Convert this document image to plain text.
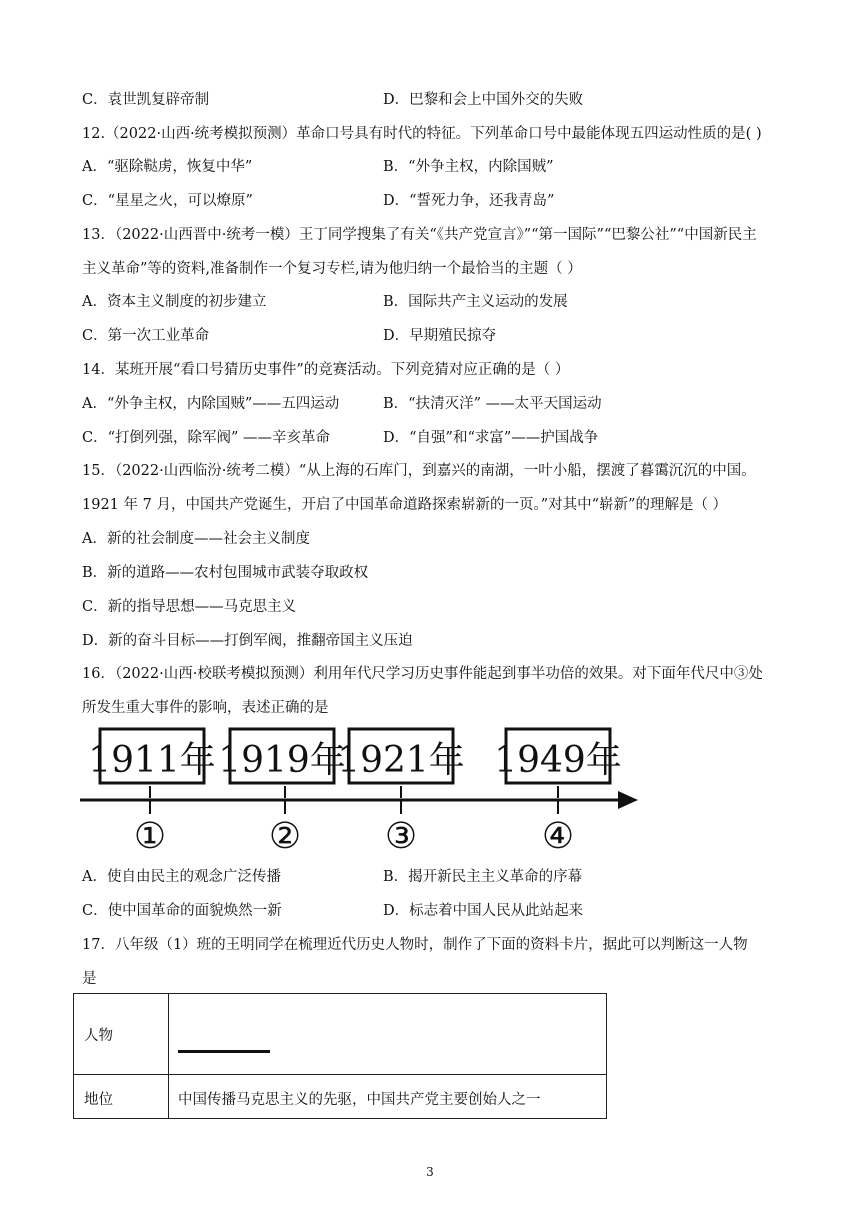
C．袁世凯复辟帝制	D．巴黎和会上中国外交的失败
12.（2022·山西·统考模拟预测）革命口号具有时代的特征。下列革命口号中最能体现五四运动性质的是( )
A．“驱除鞑虏，恢复中华”	B．“外争主权，内除国贼”
C．“星星之火，可以燎原”	D．“誓死力争，还我青岛”
13．（2022·山西晋中·统考一模）王丁同学搜集了有关“《共产党宣言》”“第一国际”“巴黎公社”“中国新民主
主义革命”等的资料,准备制作一个复习专栏,请为他归纳一个最恰当的主题（ ）
A．资本主义制度的初步建立	B．国际共产主义运动的发展
C．第一次工业革命	D．早期殖民掠夺
14．某班开展“看口号猜历史事件”的竞赛活动。下列竞猜对应正确的是（ ）
A．“外争主权，内除国贼”——五四运动	B．“扶清灭洋” ——太平天国运动
C．“打倒列强，除军阀” ——辛亥革命	D．“自强”和“求富”——护国战争
15．（2022·山西临汾·统考二模）“从上海的石库门，到嘉兴的南湖，一叶小船，摆渡了暮霭沉沉的中国。
1921 年 7 月，中国共产党诞生，开启了中国革命道路探索崭新的一页。”对其中“崭新”的理解是（ ）
A．新的社会制度——社会主义制度
B．新的道路——农村包围城市武装夺取政权
C．新的指导思想——马克思主义
D．新的奋斗目标——打倒军阀，推翻帝国主义压迫
16．（2022·山西·校联考模拟预测）利用年代尺学习历史事件能起到事半功倍的效果。对下面年代尺中③处
所发生重大事件的影响，表述正确的是
1911年 1919年
1921年 1949年
①	② ③	④
A．使自由民主的观念广泛传播	B．揭开新民主主义革命的序幕
C．使中国革命的面貌焕然一新	D．标志着中国人民从此站起来
17．八年级（1）班的王明同学在梳理近代历史人物时，制作了下面的资料卡片，据此可以判断这一人物
是
人物
地位	中国传播马克思主义的先驱，中国共产党主要创始人之一
3
